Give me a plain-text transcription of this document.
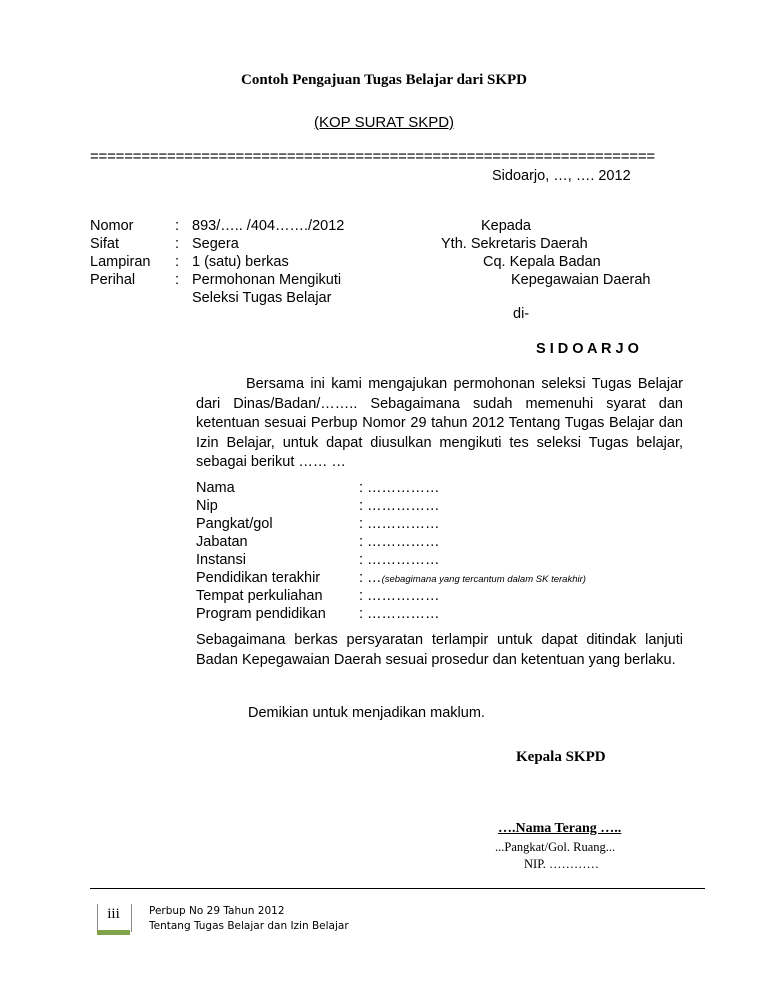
Contoh Pengajuan Tugas Belajar dari SKPD
(KOP SURAT SKPD)
==================================================================
Sidoarjo, …, …. 2012
Nomor	: 893/….. /404……./2012
Sifat	: Segera
Lampiran : 1 (satu) berkas
Perihal	: Permohonan Mengikuti
Seleksi Tugas Belajar
Kepada
Yth. Sekretaris Daerah
Cq. Kepala Badan
Kepegawaian Daerah
di-
S I D O A R J O
Bersama ini kami mengajukan permohonan seleksi Tugas Belajar dari Dinas/Badan/…….. Sebagaimana sudah memenuhi syarat dan ketentuan sesuai Perbup Nomor 29 tahun 2012 Tentang Tugas Belajar dan Izin Belajar, untuk dapat diusulkan mengikuti tes seleksi Tugas belajar, sebagai berikut …… …
Nama	: ……………
Nip	: ……………
Pangkat/gol	: ……………
Jabatan	: ……………
Instansi	: ……………
Pendidikan terakhir	: …(sebagimana yang tercantum dalam SK terakhir)
Tempat perkuliahan	: ……………
Program pendidikan	: ……………
Sebagaimana berkas persyaratan terlampir untuk dapat ditindak lanjuti Badan Kepegawaian Daerah sesuai prosedur dan ketentuan yang berlaku.
Demikian untuk menjadikan maklum.
Kepala SKPD
….Nama Terang …..
...Pangkat/Gol. Ruang...
NIP. …………
iii	Perbup No 29 Tahun 2012
Tentang Tugas Belajar dan Izin Belajar
